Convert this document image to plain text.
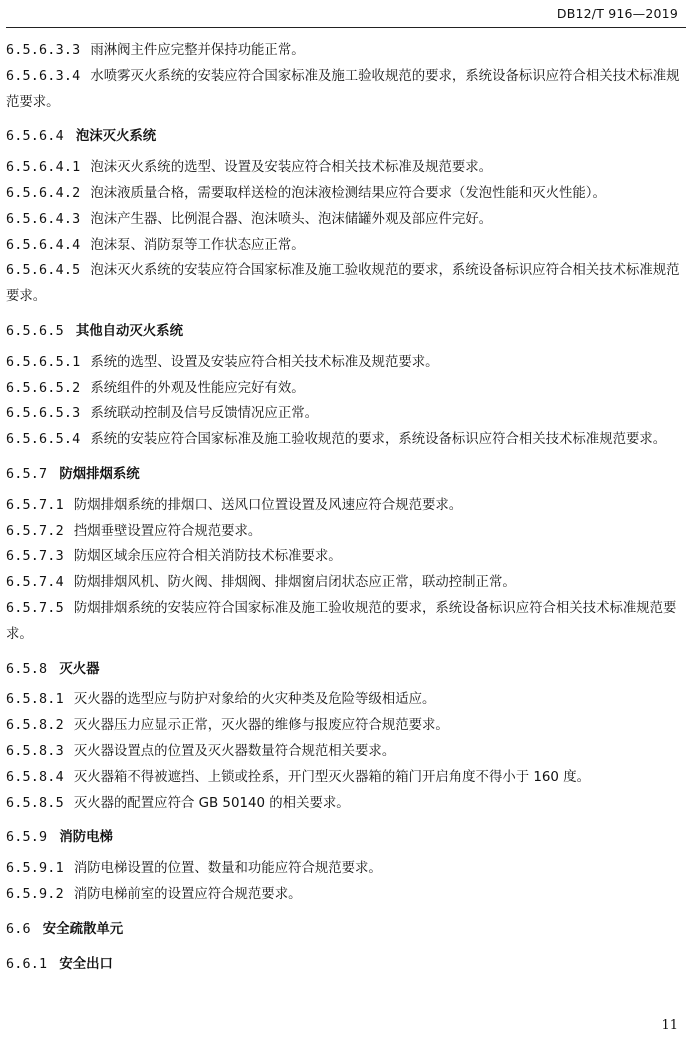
DB12/T 916—2019
6.5.6.3.3 雨淋阀主件应完整并保持功能正常。
6.5.6.3.4 水喷雾灭火系统的安装应符合国家标准及施工验收规范的要求，系统设备标识应符合相关技术标准规范要求。
6.5.6.4 泡沫灭火系统
6.5.6.4.1 泡沫灭火系统的选型、设置及安装应符合相关技术标准及规范要求。
6.5.6.4.2 泡沫液质量合格，需要取样送检的泡沫液检测结果应符合要求（发泡性能和灭火性能）。
6.5.6.4.3 泡沫产生器、比例混合器、泡沫喷头、泡沫储罐外观及部应件完好。
6.5.6.4.4 泡沫泵、消防泵等工作状态应正常。
6.5.6.4.5 泡沫灭火系统的安装应符合国家标准及施工验收规范的要求，系统设备标识应符合相关技术标准规范要求。
6.5.6.5 其他自动灭火系统
6.5.6.5.1 系统的选型、设置及安装应符合相关技术标准及规范要求。
6.5.6.5.2 系统组件的外观及性能应完好有效。
6.5.6.5.3 系统联动控制及信号反馈情况应正常。
6.5.6.5.4 系统的安装应符合国家标准及施工验收规范的要求，系统设备标识应符合相关技术标准规范要求。
6.5.7 防烟排烟系统
6.5.7.1 防烟排烟系统的排烟口、送风口位置设置及风速应符合规范要求。
6.5.7.2 挡烟垂壁设置应符合规范要求。
6.5.7.3 防烟区域余压应符合相关消防技术标准要求。
6.5.7.4 防烟排烟风机、防火阀、排烟阀、排烟窗启闭状态应正常，联动控制正常。
6.5.7.5 防烟排烟系统的安装应符合国家标准及施工验收规范的要求，系统设备标识应符合相关技术标准规范要求。
6.5.8 灭火器
6.5.8.1 灭火器的选型应与防护对象给的火灾种类及危险等级相适应。
6.5.8.2 灭火器压力应显示正常，灭火器的维修与报废应符合规范要求。
6.5.8.3 灭火器设置点的位置及灭火器数量符合规范相关要求。
6.5.8.4 灭火器箱不得被遮挡、上锁或拴系，开门型灭火器箱的箱门开启角度不得小于 160 度。
6.5.8.5 灭火器的配置应符合 GB 50140 的相关要求。
6.5.9 消防电梯
6.5.9.1 消防电梯设置的位置、数量和功能应符合规范要求。
6.5.9.2 消防电梯前室的设置应符合规范要求。
6.6 安全疏散单元
6.6.1 安全出口
11
